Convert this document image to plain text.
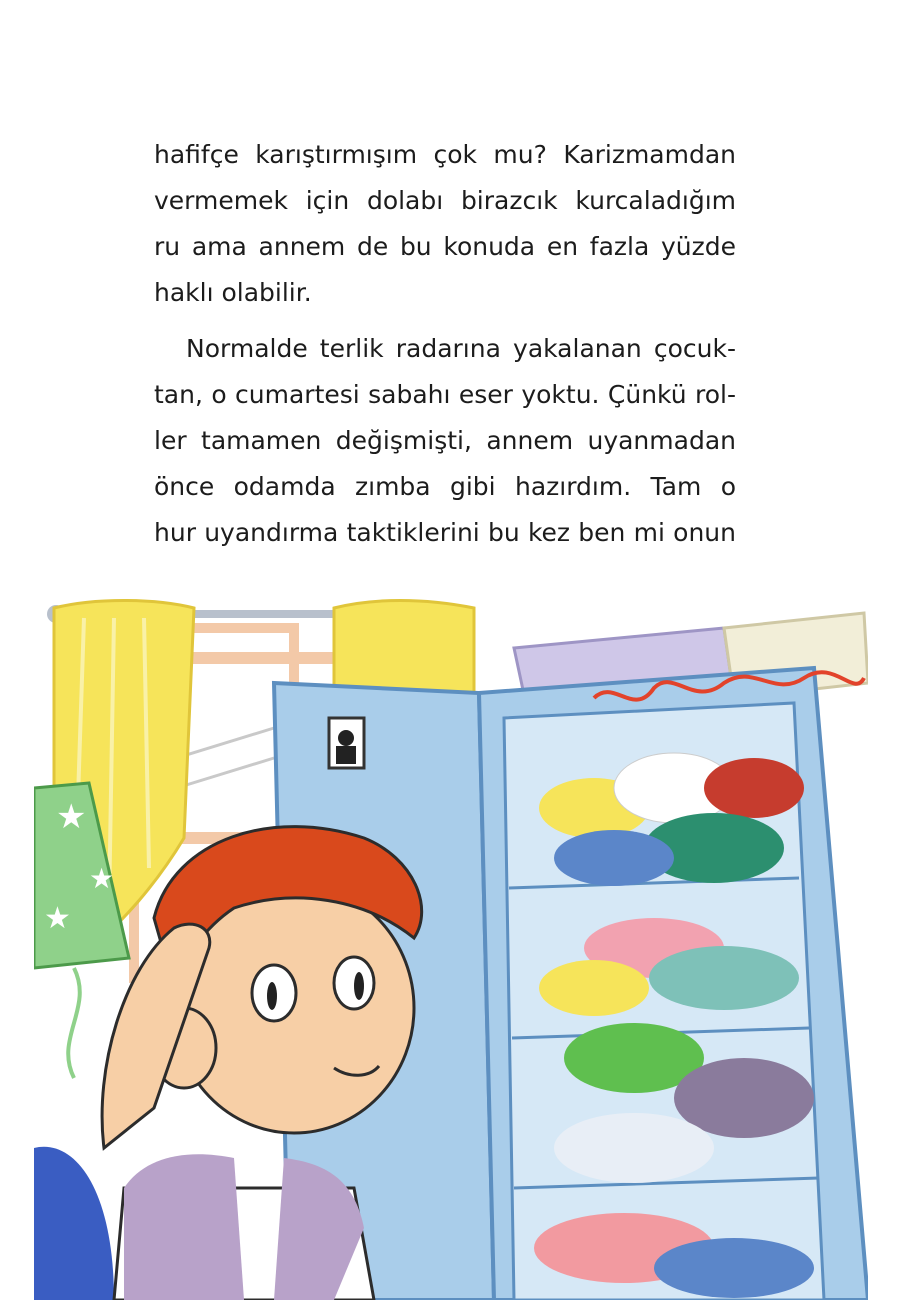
hafifçe karıştırmışım çok mu? Karizmamdan
vermemek için dolabı birazcık kurcaladığım
ru ama annem de bu konuda en fazla yüzde
haklı olabilir.
Normalde terlik radarına yakalanan çocuk-
tan, o cumartesi sabahı eser yoktu. Çünkü rol-
ler tamamen değişmişti, annem uyanmadan
önce odamda zımba gibi hazırdım. Tam o
hur uyandırma taktiklerini bu kez ben mi onun
★
★
★
